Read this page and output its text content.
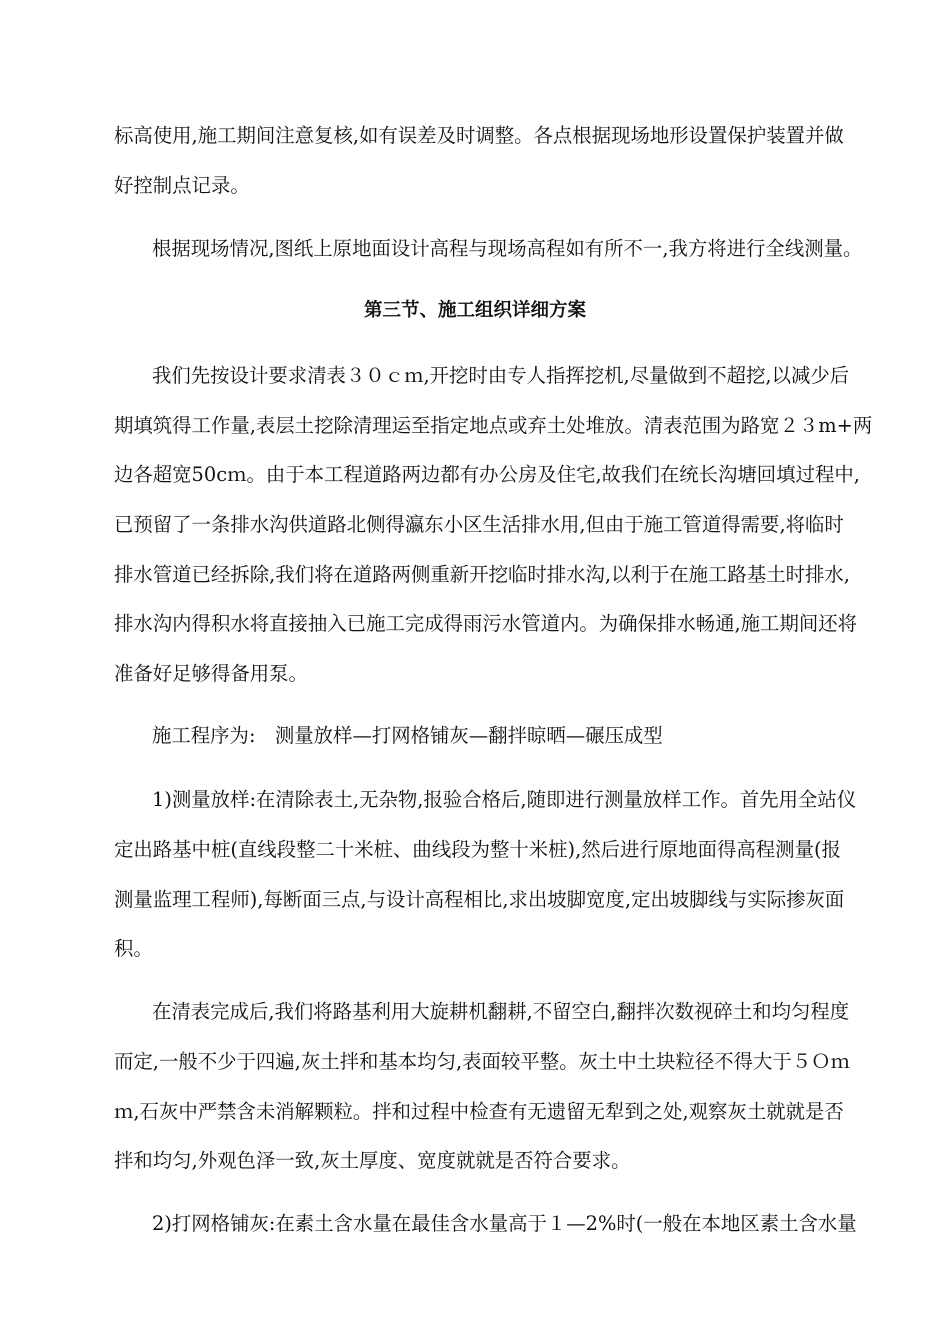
标高使用,施工期间注意复核,如有误差及时调整。各点根据现场地形设置保护装置并做
好控制点记录。
根据现场情况,图纸上原地面设计高程与现场高程如有所不一,我方将进行全线测量。
第三节、施工组织详细方案
我们先按设计要求清表３０ｃｍ,开挖时由专人指挥挖机,尽量做到不超挖,以减少后
期填筑得工作量,表层土挖除清理运至指定地点或弃土处堆放。清表范围为路宽２３m+两
边各超宽50cｍ。由于本工程道路两边都有办公房及住宅,故我们在统长沟塘回填过程中,
已预留了一条排水沟供道路北侧得瀛东小区生活排水用,但由于施工管道得需要,将临时
排水管道已经拆除,我们将在道路两侧重新开挖临时排水沟,以利于在施工路基土时排水,
排水沟内得积水将直接抽入已施工完成得雨污水管道内。为确保排水畅通,施工期间还将
准备好足够得备用泵。
施工程序为:　测量放样—打网格铺灰—翻拌晾晒—碾压成型
1)测量放样:在清除表土,无杂物,报验合格后,随即进行测量放样工作。首先用全站仪
定出路基中桩(直线段整二十米桩、曲线段为整十米桩),然后进行原地面得高程测量(报
测量监理工程师),每断面三点,与设计高程相比,求出坡脚宽度,定出坡脚线与实际掺灰面
积。
在清表完成后,我们将路基利用大旋耕机翻耕,不留空白,翻拌次数视碎土和均匀程度
而定,一般不少于四遍,灰土拌和基本均匀,表面较平整。灰土中土块粒径不得大于５Ｏｍ
ｍ,石灰中严禁含未消解颗粒。拌和过程中检查有无遗留无犁到之处,观察灰土就就是否
拌和均匀,外观色泽一致,灰土厚度、宽度就就是否符合要求。
2)打网格铺灰:在素土含水量在最佳含水量高于１—2%时(一般在本地区素土含水量
